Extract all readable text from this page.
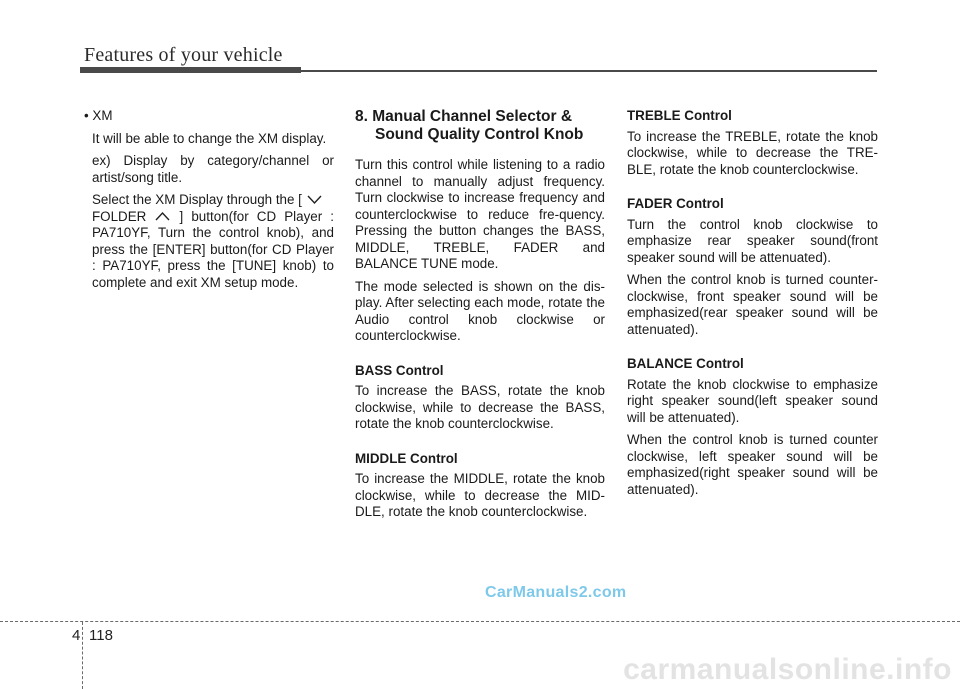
Features of your vehicle

• XM

It will be able to change the XM display.

ex) Display by category/channel or artist/song title.

Select the XM Display through the [
FOLDER ] button(for CD Player : PA710YF, Turn the control knob), and press the [ENTER] button(for CD Player : PA710YF, press the [TUNE] knob) to complete and exit XM setup mode.

8. Manual Channel Selector &
Sound Quality Control Knob

Turn this control while listening to a radio channel to manually adjust frequency. Turn clockwise to increase frequency and counterclockwise to reduce fre-quency. Pressing the button changes the BASS, MIDDLE, TREBLE, FADER and BALANCE TUNE mode.

The mode selected is shown on the dis-play. After selecting each mode, rotate the Audio control knob clockwise or counterclockwise.

BASS Control

To increase the BASS, rotate the knob clockwise, while to decrease the BASS, rotate the knob counterclockwise.

MIDDLE Control

To increase the MIDDLE, rotate the knob clockwise, while to decrease the MID-DLE, rotate the knob counterclockwise.

TREBLE Control

To increase the TREBLE, rotate the knob clockwise, while to decrease the TRE-BLE, rotate the knob counterclockwise.

FADER Control

Turn the control knob clockwise to emphasize rear speaker sound(front speaker sound will be attenuated).

When the control knob is turned counter-clockwise, front speaker sound will be emphasized(rear speaker sound will be attenuated).

BALANCE Control

Rotate the knob clockwise to emphasize right speaker sound(left speaker sound will be attenuated).

When the control knob is turned counter clockwise, left speaker sound will be emphasized(right speaker sound will be attenuated).

CarManuals2.com
4 118
carmanualsonline.info
